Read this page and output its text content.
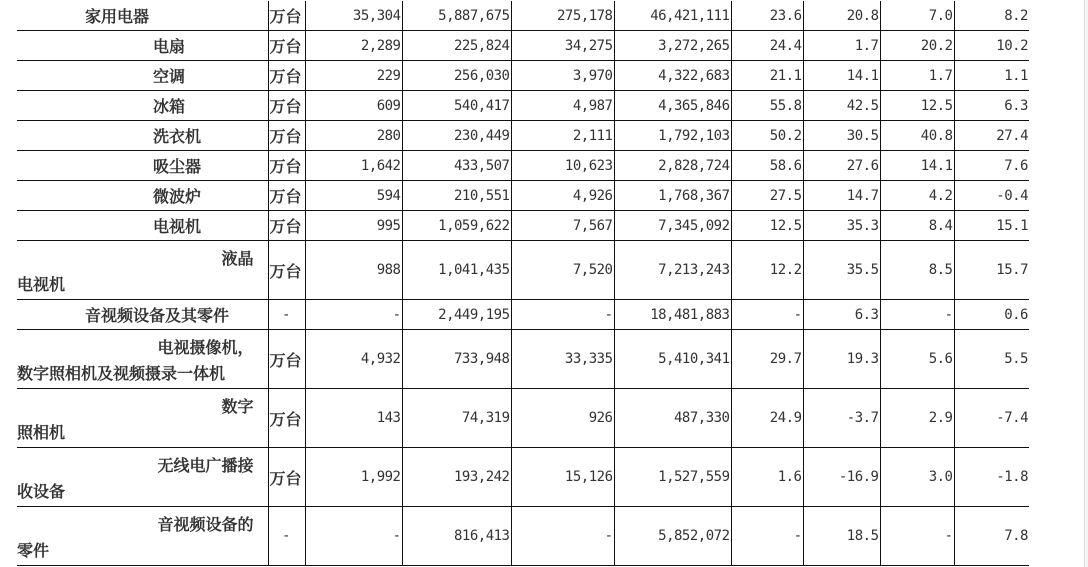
家用电器	万台	35,304	5,887,675	275,178	46,421,111	23.6	20.8	7.0	8.2
电扇	万台	2,289	225,824	34,275	3,272,265	24.4	1.7	20.2	10.2
空调	万台	229	256,030	3,970	4,322,683	21.1	14.1	1.7	1.1
冰箱	万台	609	540,417	4,987	4,365,846	55.8	42.5	12.5	6.3
洗衣机	万台	280	230,449	2,111	1,792,103	50.2	30.5	40.8	27.4
吸尘器	万台	1,642	433,507	10,623	2,828,724	58.6	27.6	14.1	7.6
微波炉	万台	594	210,551	4,926	1,768,367	27.5	14.7	4.2	-0.4
电视机	万台	995	1,059,622	7,567	7,345,092	12.5	35.3	8.4	15.1

液晶
电视机	万台	988	1,041,435	7,520	7,213,243	12.2	35.5	8.5	15.7
音视频设备及其零件	-	-	2,449,195	-	18,481,883	-	6.3	-	0.6

电视摄像机，
数字照相机及视频摄录一体机	万台	4,932	733,948	33,335	5,410,341	29.7	19.3	5.6	5.5

数字
照相机	万台	143	74,319	926	487,330	24.9	-3.7	2.9	-7.4

无线电广播接
收设备	万台	1,992	193,242	15,126	1,527,559	1.6	-16.9	3.0	-1.8

音视频设备的
零件	-	-	816,413	-	5,852,072	-	18.5	-	7.8
